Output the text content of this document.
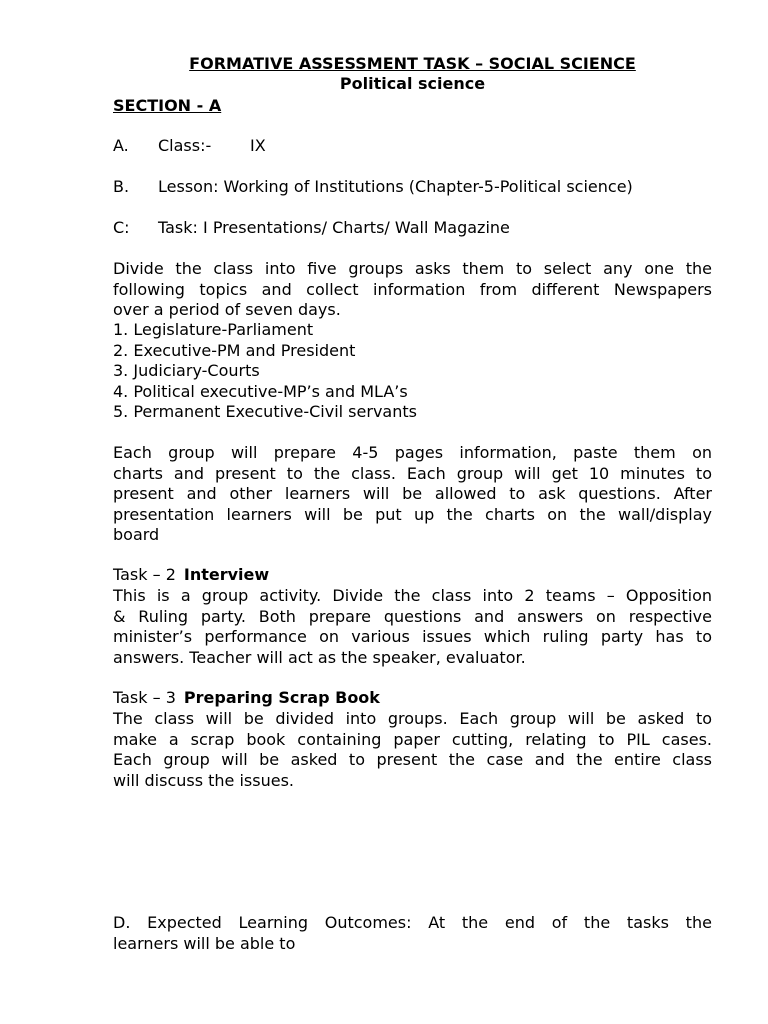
FORMATIVE ASSESSMENT TASK – SOCIAL SCIENCE
Political science
SECTION - A
A. Class:- IX
B. Lesson: Working of Institutions (Chapter-5-Political science)
C: Task: I Presentations/ Charts/ Wall Magazine
Divide the class into five groups asks them to select any one the
following topics and collect information from different Newspapers
over a period of seven days.
1. Legislature-Parliament
2. Executive-PM and President
3. Judiciary-Courts
4. Political executive-MP’s and MLA’s
5. Permanent Executive-Civil servants
Each group will prepare 4-5 pages information, paste them on
charts and present to the class. Each group will get 10 minutes to
present and other learners will be allowed to ask questions. After
presentation learners will be put up the charts on the wall/display
board
Task – 2 Interview
This is a group activity. Divide the class into 2 teams – Opposition
& Ruling party. Both prepare questions and answers on respective
minister’s performance on various issues which ruling party has to
answers. Teacher will act as the speaker, evaluator.
Task – 3 Preparing Scrap Book
The class will be divided into groups. Each group will be asked to
make a scrap book containing paper cutting, relating to PIL cases.
Each group will be asked to present the case and the entire class
will discuss the issues.
D. Expected Learning Outcomes: At the end of the tasks the
learners will be able to
